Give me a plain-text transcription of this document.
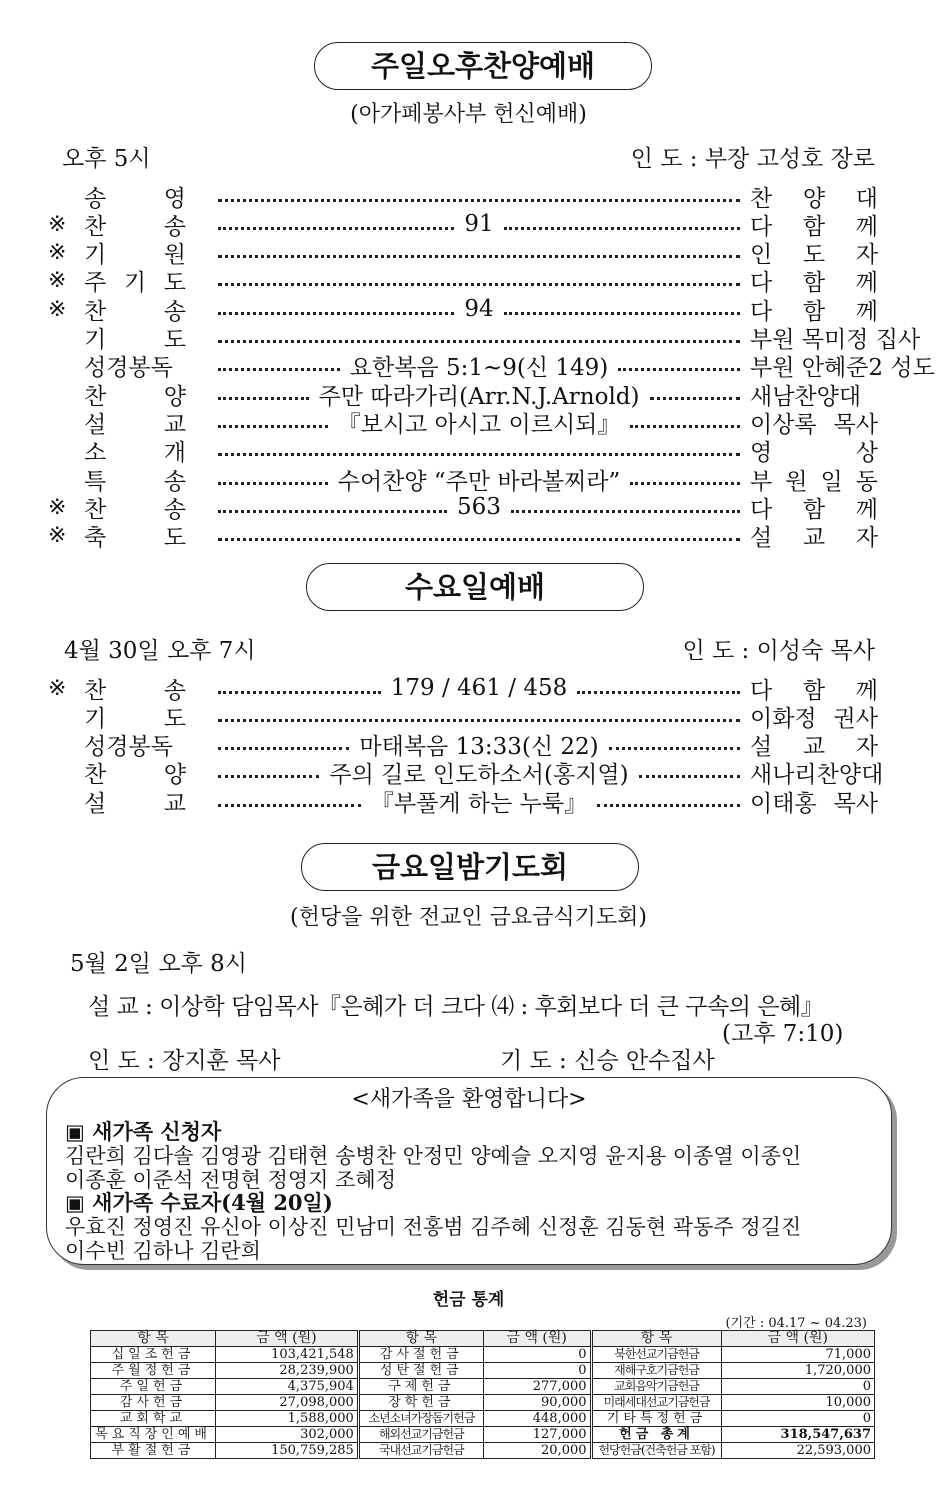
주일오후찬양예배
(아가페봉사부 헌신예배)
오후 5시	인 도 : 부장 고성호 장로
송 영	찬 양 대
※ 찬 송	91	다 함 께
※ 기 원	인 도 자
※ 주 기 도	다 함 께
※ 찬 송	94	다 함 께
기 도	부원 목미정 집사
성경봉독	요한복음 5:1~9(신 149)	부원 안혜준2 성도
찬 양	주만 따라가리(Arr.N.J.Arnold)	새남찬양대
설 교	『보시고 아시고 이르시되』	이상록 목사
소 개	영 상
특 송	수어찬양 “주만 바라볼찌라”	부 원 일 동
※ 찬 송	563	다 함 께
※ 축 도	설 교 자
수요일예배
4월 30일 오후 7시	인 도 : 이성숙 목사
※ 찬 송	179 / 461 / 458	다 함 께
기 도	이화정 권사
성경봉독	마태복음 13:33(신 22)	설 교 자
찬 양	주의 길로 인도하소서(홍지열)	새나리찬양대
설 교	『부풀게 하는 누룩』	이태홍 목사
금요일밤기도회
(헌당을 위한 전교인 금요금식기도회)
5월 2일 오후 8시
설 교 : 이상학 담임목사『은혜가 더 크다 ⑷ : 후회보다 더 큰 구속의 은혜』
(고후 7:10)
인 도 : 장지훈 목사	기 도 : 신승 안수집사
<새가족을 환영합니다>
▣ 새가족 신청자
김란희 김다솔 김영광 김태현 송병찬 안정민 양예슬 오지영 윤지용 이종열 이종인
이종훈 이준석 전명현 정영지 조혜정
▣ 새가족 수료자(4월 20일)
우효진 정영진 유신아 이상진 민남미 전홍범 김주혜 신정훈 김동현 곽동주 정길진
이수빈 김하나 김란희
헌금 통계
(기간 : 04.17 ~ 04.23)
항 목	금 액 (원)	항 목	금 액 (원)	항 목	금 액 (원)
십일조헌금	103,421,548	감사절헌금	0	북한선교기금헌금	71,000
주월정헌금	28,239,900	성탄절헌금	0	재해구호기금헌금	1,720,000
주일헌금	4,375,904	구제헌금	277,000	교회음악기금헌금	0
감사헌금	27,098,000	장학헌금	90,000	미래세대선교기금헌금	10,000
교회학교	1,588,000	소년소녀가장돕기헌금	448,000	기타특정헌금	0
목요직장인예배	302,000	해외선교기금헌금	127,000	헌금 총계	318,547,637
부활절헌금	150,759,285	국내선교기금헌금	20,000	헌당헌금(건축헌금 포함)	22,593,000
